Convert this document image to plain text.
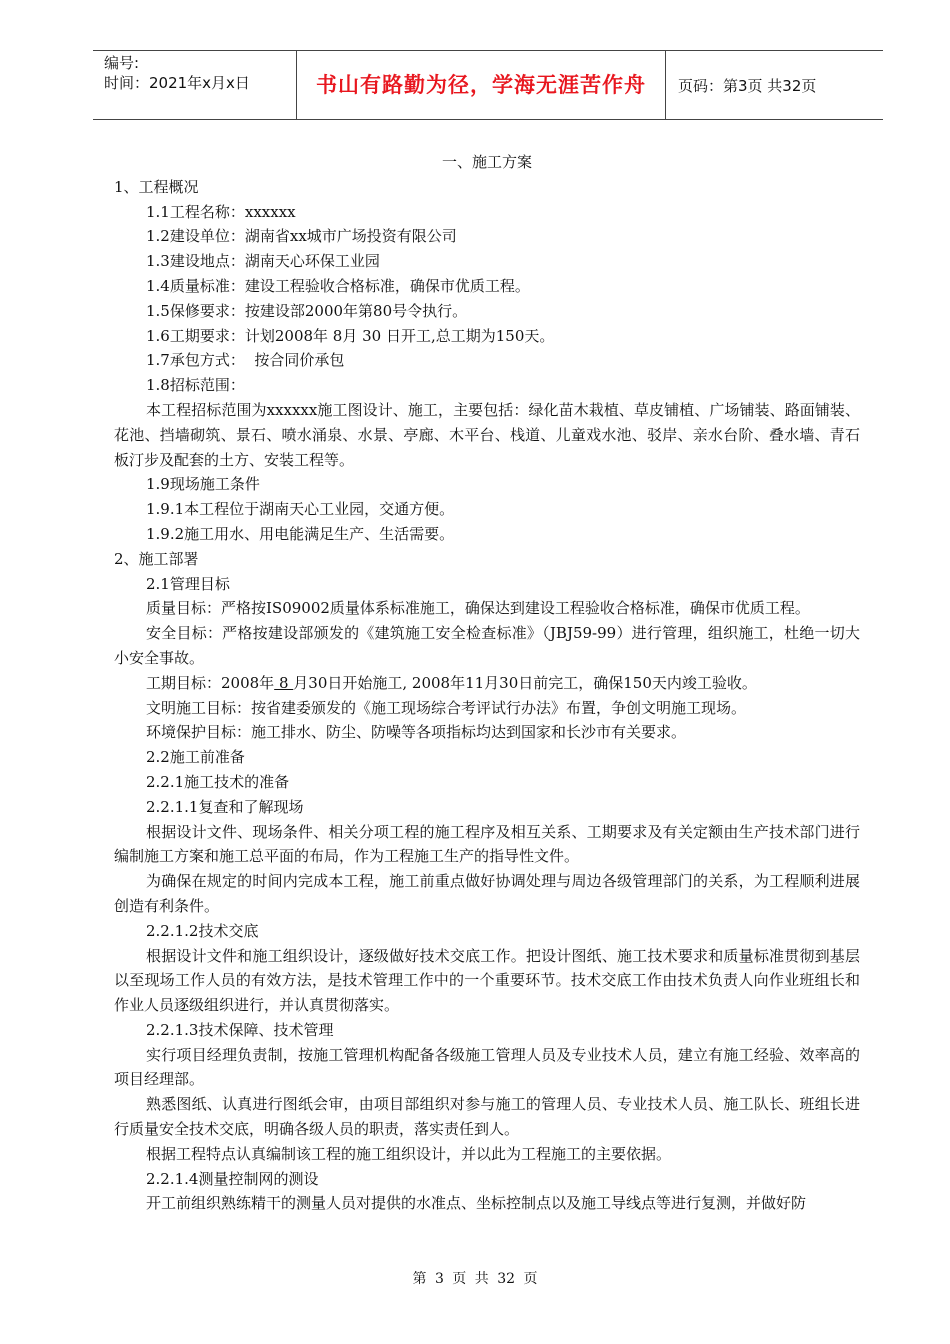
编号:
时间：2021年x月x日	书山有路勤为径，学海无涯苦作舟	页码：第3页 共32页

一、施工方案

1、工程概况

1.1工程名称：xxxxxx

1.2建设单位：湖南省xx城市广场投资有限公司

1.3建设地点：湖南天心环保工业园

1.4质量标准：建设工程验收合格标准，确保市优质工程。

1.5保修要求：按建设部2000年第80号令执行。

1.6工期要求：计划2008年 8月 30 日开工,总工期为150天。

1.7承包方式：  按合同价承包

1.8招标范围：

本工程招标范围为xxxxxx施工图设计、施工，主要包括：绿化苗木栽植、草皮铺植、广场铺装、路面铺装、花池、挡墙砌筑、景石、喷水涌泉、水景、亭廊、木平台、栈道、儿童戏水池、驳岸、亲水台阶、叠水墙、青石板汀步及配套的土方、安装工程等。

1.9现场施工条件

1.9.1本工程位于湖南天心工业园，交通方便。

1.9.2施工用水、用电能满足生产、生活需要。

2、施工部署

2.1管理目标

质量目标：严格按IS09002质量体系标准施工，确保达到建设工程验收合格标准，确保市优质工程。

安全目标：严格按建设部颁发的《建筑施工安全检查标准》（JBJ59-99）进行管理，组织施工，杜绝一切大小安全事故。

工期目标：2008年 8 月30日开始施工, 2008年11月30日前完工，确保150天内竣工验收。

文明施工目标：按省建委颁发的《施工现场综合考评试行办法》布置，争创文明施工现场。

环境保护目标：施工排水、防尘、防噪等各项指标均达到国家和长沙市有关要求。

2.2施工前准备

2.2.1施工技术的准备

2.2.1.1复查和了解现场

根据设计文件、现场条件、相关分项工程的施工程序及相互关系、工期要求及有关定额由生产技术部门进行编制施工方案和施工总平面的布局，作为工程施工生产的指导性文件。

为确保在规定的时间内完成本工程，施工前重点做好协调处理与周边各级管理部门的关系，为工程顺利进展创造有利条件。

2.2.1.2技术交底

根据设计文件和施工组织设计，逐级做好技术交底工作。把设计图纸、施工技术要求和质量标准贯彻到基层以至现场工作人员的有效方法，是技术管理工作中的一个重要环节。技术交底工作由技术负责人向作业班组长和作业人员逐级组织进行，并认真贯彻落实。

2.2.1.3技术保障、技术管理

实行项目经理负责制，按施工管理机构配备各级施工管理人员及专业技术人员，建立有施工经验、效率高的项目经理部。

熟悉图纸、认真进行图纸会审，由项目部组织对参与施工的管理人员、专业技术人员、施工队长、班组长进行质量安全技术交底，明确各级人员的职责，落实责任到人。

根据工程特点认真编制该工程的施工组织设计，并以此为工程施工的主要依据。

2.2.1.4测量控制网的测设

开工前组织熟练精干的测量人员对提供的水准点、坐标控制点以及施工导线点等进行复测，并做好防

第 3 页 共 32 页
